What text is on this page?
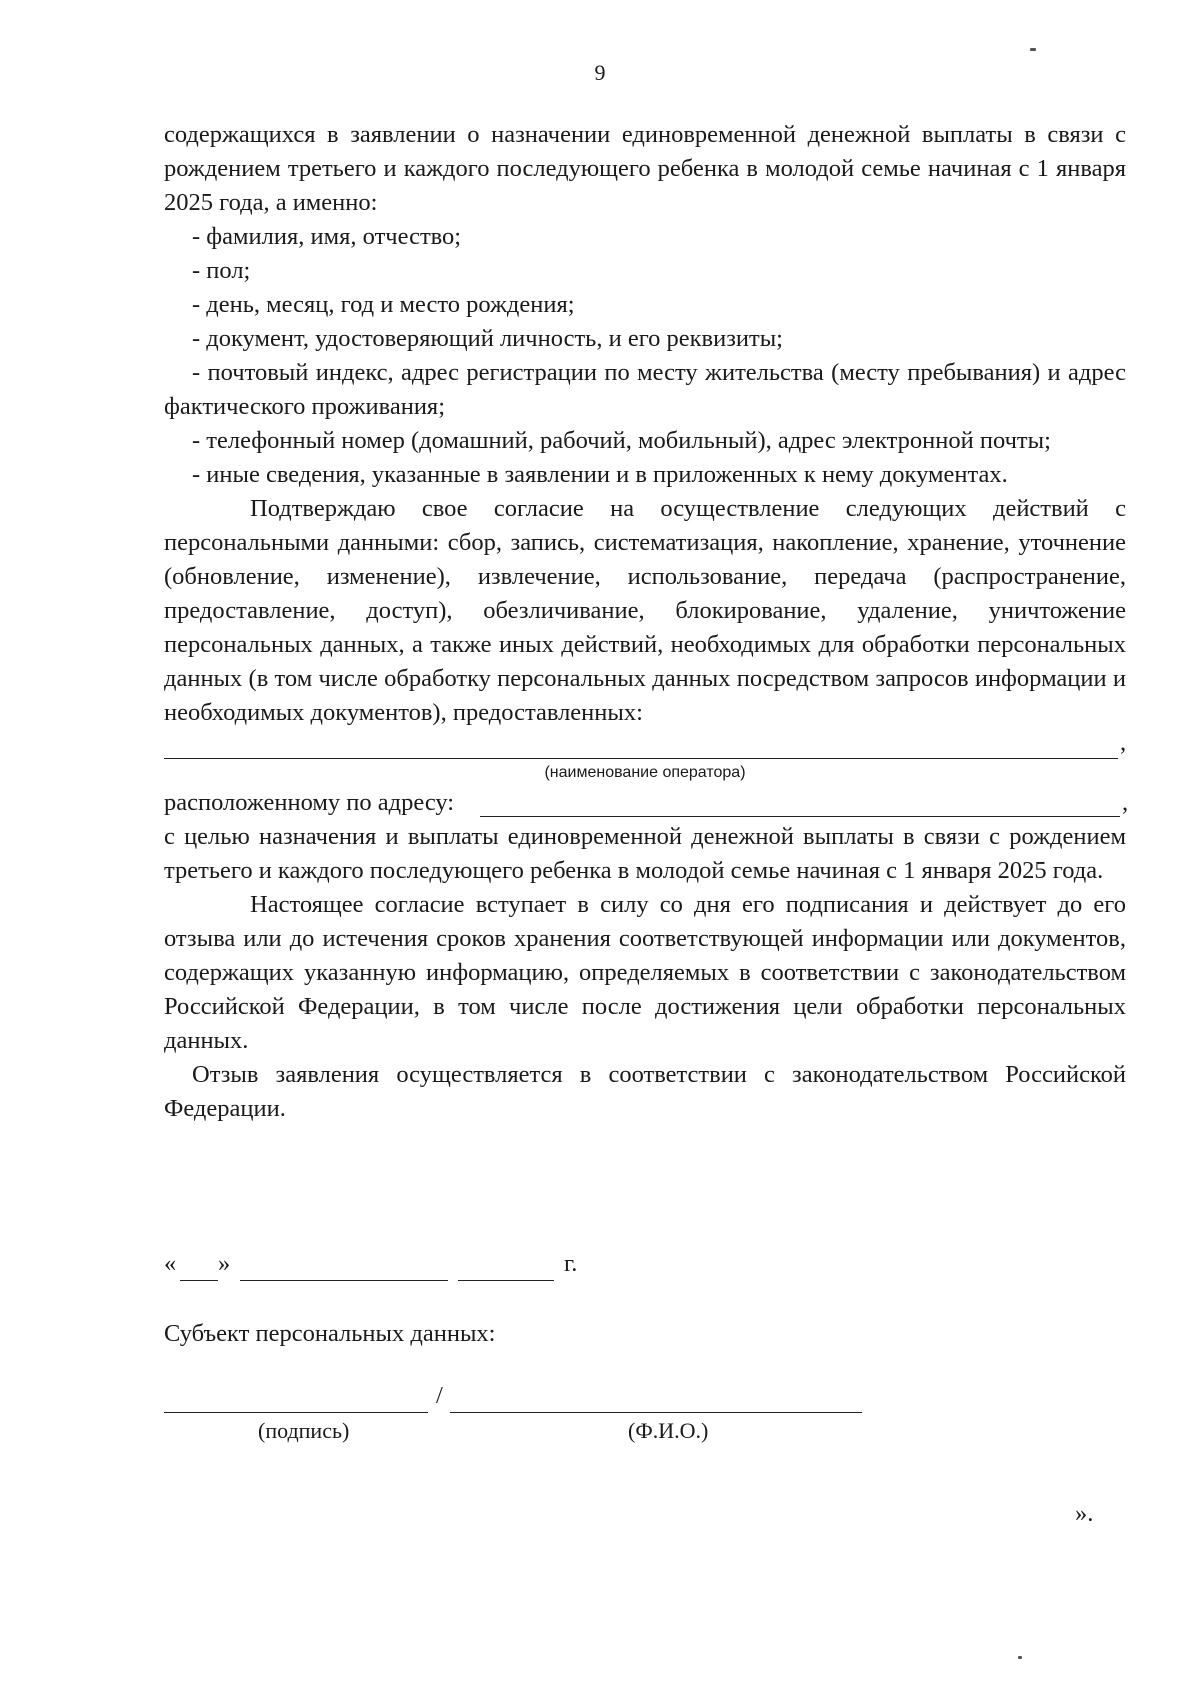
9

содержащихся в заявлении о назначении единовременной денежной выплаты в связи с рождением третьего и каждого последующего ребенка в молодой семье начиная с 1 января 2025 года, а именно:

- фамилия, имя, отчество;

- пол;

- день, месяц, год и место рождения;

- документ, удостоверяющий личность, и его реквизиты;

- почтовый индекс, адрес регистрации по месту жительства (месту пребывания) и адрес фактического проживания;

- телефонный номер (домашний, рабочий, мобильный), адрес электронной почты;

- иные сведения, указанные в заявлении и в приложенных к нему документах.

Подтверждаю свое согласие на осуществление следующих действий с персональными данными: сбор, запись, систематизация, накопление, хранение, уточнение (обновление, изменение), извлечение, использование, передача (распространение, предоставление, доступ), обезличивание, блокирование, удаление, уничтожение персональных данных, а также иных действий, необходимых для обработки персональных данных (в том числе обработку персональных данных посредством запросов информации и необходимых документов), предоставленных:

,
(наименование оператора)
расположенному по адресу:	,

с целью назначения и выплаты единовременной денежной выплаты в связи с рождением третьего и каждого последующего ребенка в молодой семье начиная с 1 января 2025 года.

Настоящее согласие вступает в силу со дня его подписания и действует до его отзыва или до истечения сроков хранения соответствующей информации или документов, содержащих указанную информацию, определяемых в соответствии с законодательством Российской Федерации, в том числе после достижения цели обработки персональных данных.

Отзыв заявления осуществляется в соответствии с законодательством Российской Федерации.

« »	г.
Субъект персональных данных:
/
(подпись)	(Ф.И.О.)
».
